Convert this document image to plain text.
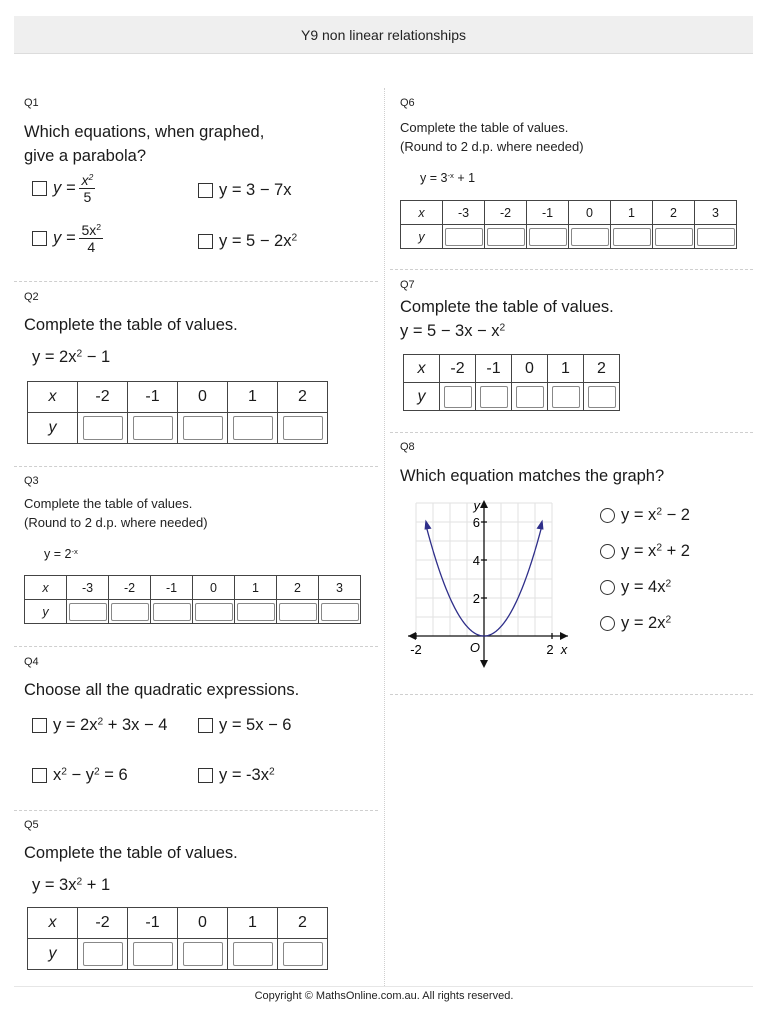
Y9 non linear relationships
Q1
Which equations, when graphed,
give a parabola?
$y = \frac{x^2}{5}$	y = 3 − 7x
$y = \frac{5x^2}{4}$	$y = 5 - 2x^2$
Q2
Complete the table of values.
$y = 2x^2 - 1$
x	-2	-1	0	1	2
y					
Q3
Complete the table of values.
(Round to 2 d.p. where needed)
$y = 2^{-x}$
x	-3	-2	-1	0	1	2	3
y							
Q4
Choose all the quadratic expressions.
$y = 2x^2 + 3x - 4$	y = 5x − 6
$x^2 - y^2 = 6$	$y = -3x^2$
Q5
Complete the table of values.
$y = 3x^2 + 1$
x	-2	-1	0	1	2
y					
Q6
Complete the table of values.
(Round to 2 d.p. where needed)
$y = 3^{-x} + 1$
x	-3	-2	-1	0	1	2	3
y							
Q7
Complete the table of values.
$y = 5 - 3x - x^2$
x	-2	-1	0	1	2
y					
Q8
Which equation matches the graph?
-2	2 x
O
y
2
4
6	$y = x^2 - 2$
$y = x^2 + 2$
$y = 4x^2$
$y = 2x^2$
Copyright © MathsOnline.com.au. All rights reserved.
